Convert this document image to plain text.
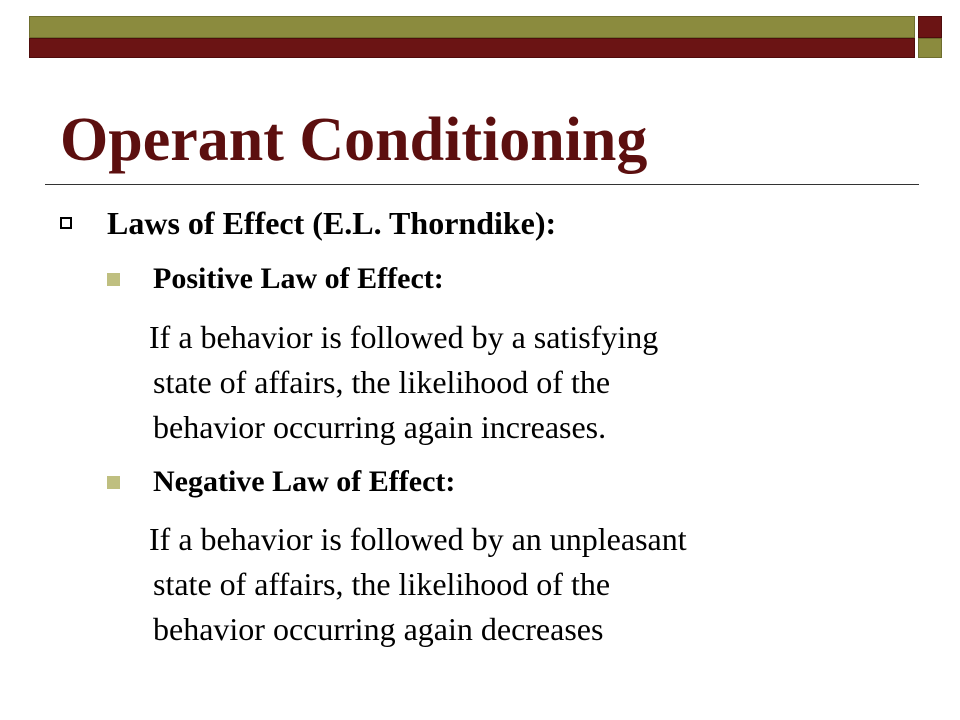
Operant Conditioning
Laws of Effect (E.L. Thorndike):
Positive Law of Effect:

If a behavior is followed by a satisfying
state of affairs, the likelihood of the
behavior occurring again increases.

Negative Law of Effect:

If a behavior is followed by an unpleasant
state of affairs, the likelihood of the
behavior occurring again decreases
